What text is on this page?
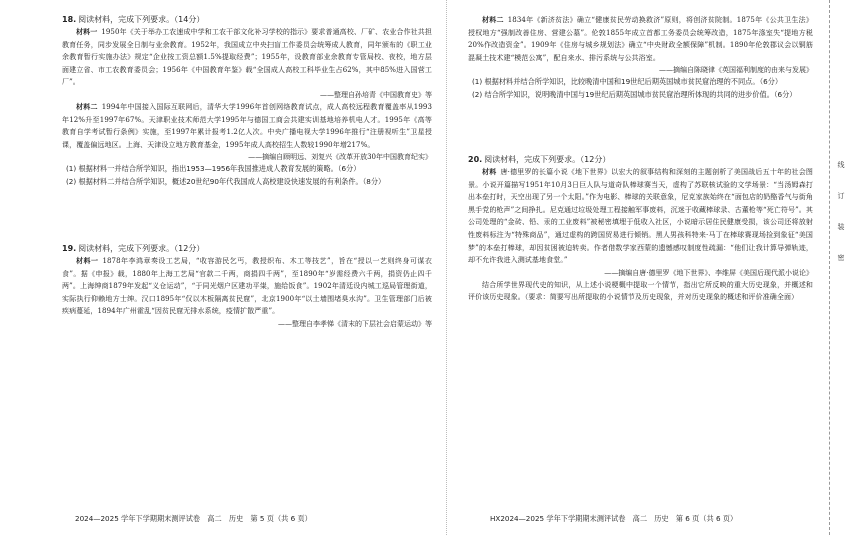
18. 阅读材料，完成下列要求。（14分）

材料一 1950年《关于举办工农速成中学和工农干部文化补习学校的指示》要求普通高校、厂矿、农业合作社共担教育任务，同步发展全日制与业余教育。1952年，我国成立中央扫盲工作委员会统筹成人教育，同年颁布的《职工业余教育暂行实施办法》规定“企业按工资总额1.5%提取经费”；1955年，设教育部业余教育专管局校、夜校，地方层面建立省、市工农教育委员会；1956年《中国教育年鉴》载“全国成人高校工科毕业生占62%，其中85%进入国营工厂”。

——整理自孙培青《中国教育史》等

材料二 1994年中国接入国际互联网后，清华大学1996年首创网络教育试点，成人高校远程教育覆盖率从1993年12%升至1997年67%。天津职业技术师范大学1995年与德国工商会共建实训基地培养机电人才。1995年《高等教育自学考试暂行条例》实施，至1997年累计报考1.2亿人次。中央广播电视大学1996年推行“注册视听生”卫星授课，覆盖偏远地区。上海、天津设立地方教育基金，1995年成人高校招生人数较1990年增217%。

——摘编自顾明远、刘复兴《改革开放30年中国教育纪实》

(1) 根据材料一并结合所学知识，指出1953—1956年我国推进成人教育发展的策略。（6分）

(2) 根据材料二并结合所学知识，概述20世纪90年代我国成人高校建设快速发展的有利条件。（8分）

19. 阅读材料，完成下列要求。（12分）

材料一 1878年李鸿章奏设工艺局，“收容游民乞丐，教授织布、木工等技艺”，旨在“授以一艺则终身可谋衣食”。据《申报》载，1880年上海工艺局“官款二千两，商捐四千两”，至1890年“岁需经费六千两，捐资仍止四千两”。上海绅商1879年发起“义仓运动”，“于同光烟户区建功平粜，施给饭食”。1902年清廷设内城工巡局管理街道，实际执行仰赖地方士绅。汉口1895年“仅以木板隔离贫民窟”，北京1900年“以土墙围堵臭水沟”。卫生管理部门后被疾病蔓延，1894年广州霍乱“因贫民窟无排水系统，疫情扩散严重”。

——整理自李孝悌《清末的下层社会启蒙运动》等

2024—2025 学年下学期期末测评试卷　高二　历史　第 5 页（共 6 页）

材料二 1834年《新济贫法》确立“健康贫民劳动换救济”原则，将创济贫院制。1875年《公共卫生法》授权地方“强制改善住房、营建公墓”。伦敦1855年成立首都工务委员会统筹改造，1875年涤室失“提地方税20%作改造资金”。1909年《住房与城乡规划法》确立“中央财政全额保障”机制。1890年伦敦郡议会以铜筋混凝土技术建“模范公寓”，配自来水、排污系统与公共浴室。

——摘编自陈晓律《英国福利制度的由来与发展》

(1) 根据材料并结合所学知识，比较晚清中国和19世纪后期英国城市贫民窟治理的不同点。（6分）

(2) 结合所学知识，说明晚清中国与19世纪后期英国城市贫民窟治理所体现的共同的进步价值。（6分）

20. 阅读材料，完成下列要求。（12分）

材料 唐·德里罗的长篇小说《地下世界》以宏大的叙事结构和深刻的主题剖析了美国战后五十年的社会图景。小说开篇描写1951年10月3日巨人队与道奇队棒球赛当天，虚构了苏联核试验的文学场景：“当汤姆森打出本垒打时，天空出现了另一个太阳。”作为电影、棒球的关联意象，尼克家族始终在“面包店的奶酪香气与街角黑手党的枪声”之间挣扎。尼克通过垃圾处理工程接触军事废料，沉迷于收藏棒球录、古董枪等“死亡符号”。其公司处理的“金砖、铅、汞的工业废料”被秘密填埋于低收入社区，小说暗示居住民健康受损，该公司还将放射性废料标注为“特殊商品”，通过虚构的跨国贸易进行倾销。黑人男孩科特来·马丁在棒球赛现场捡到象征“美国梦”的本垒打棒球，却因贫困被迫转卖。作者借数学家西蒙的遗憾感叹制度性疏漏：“他们让我计算导弹轨迹，却不允许我进入测试基地食堂。”

——摘编自唐·德里罗《地下世界》、李维屏《美国后现代派小说论》

结合所学世界现代史的知识，从上述小说梗概中提取一个情节，指出它所反映的重大历史现象，并概述和评价该历史现象。（要求：简要写出所提取的小说情节及历史现象，并对历史现象的概述和评价准确全面）

HX2024—2025 学年下学期期末测评试卷　高二　历史　第 6 页（共 6 页）
线
订
装
密
